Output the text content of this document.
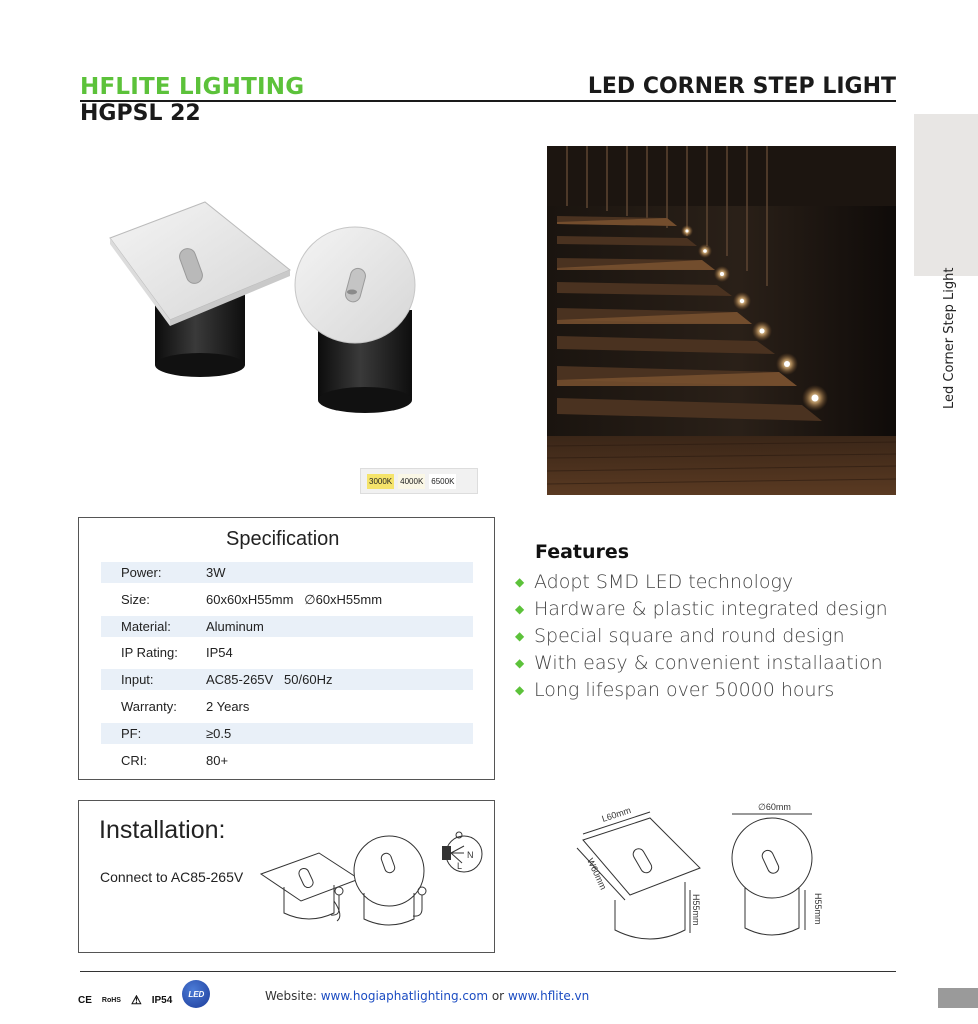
HFLITE LIGHTING
HGPSL 22
LED CORNER STEP LIGHT
Led Corner Step Light
3000K 4000K 6500K
Specification
Power:	3W
Size:	60x60xH55mm   ∅60xH55mm
Material:	Aluminum
IP Rating:	IP54
Input:	AC85-265V   50/60Hz
Warranty:	2 Years
PF:	≥0.5
CRI:	80+
Features
◆ Adopt SMD LED technology
◆ Hardware & plastic integrated design
◆ Special square and round design
◆ With easy & convenient installaation
◆ Long lifespan over 50000 hours
Installation:
Connect to AC85-265V
N
L
L60mm
W60mm
H55mm
∅60mm
H55mm
CE RoHS ⚠ IP54
LED	Website: www.hogiaphatlighting.com or www.hflite.vn
